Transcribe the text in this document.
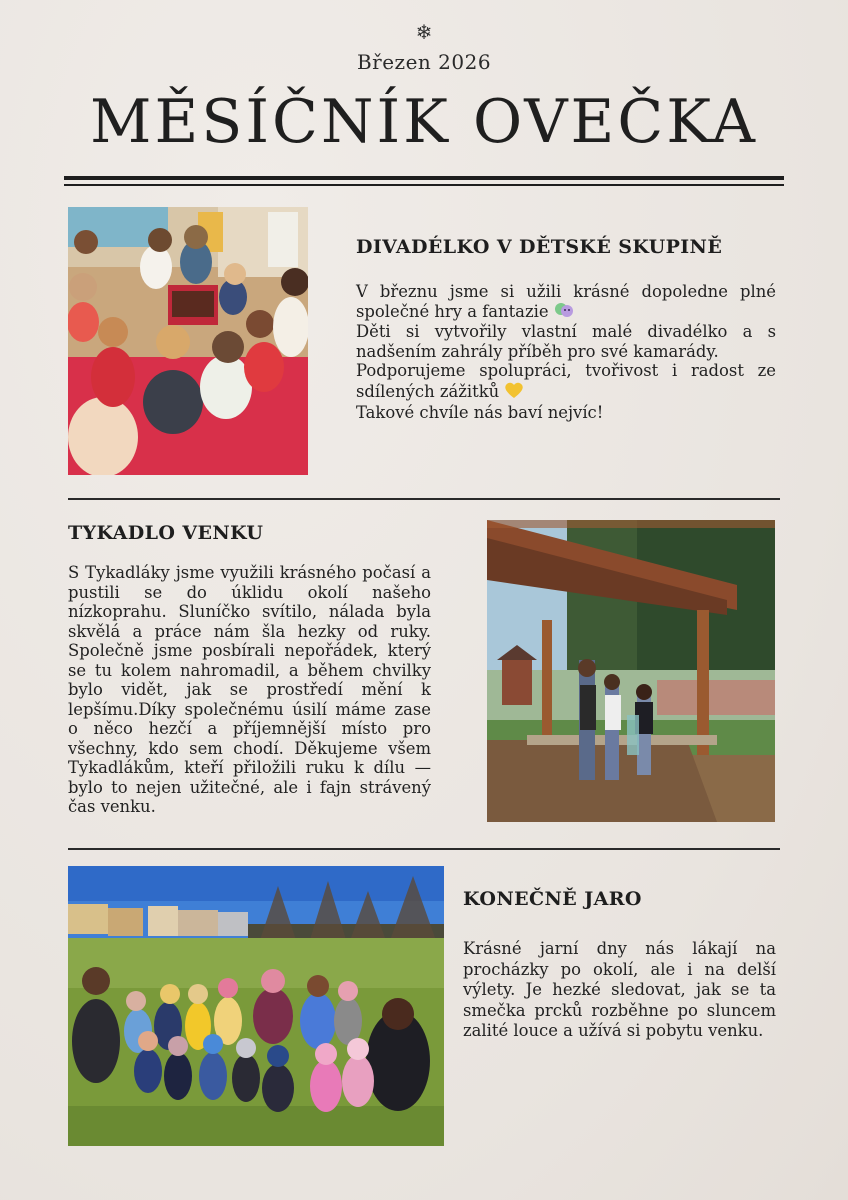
❄
Březen 2026
MĚSÍČNÍK OVEČKA
DIVADÉLKO V DĚTSKÉ SKUPINĚ

V březnu jsme si užili krásné dopoledne plné společné hry a fantazie

Děti si vytvořily vlastní malé divadélko a s nadšením zahrály příběh pro své kamarády.

Podporujeme spolupráci, tvořivost i radost ze sdílených zážitků

Takové chvíle nás baví nejvíc!

TYKADLO VENKU
S Tykadláky jsme využili krásného počasí a pustili se do úklidu okolí našeho nízkoprahu. Sluníčko svítilo, nálada byla skvělá a práce nám šla hezky od ruky. Společně jsme posbírali nepořádek, který se tu kolem nahromadil, a během chvilky bylo vidět, jak se prostředí mění k lepšímu.Díky společnému úsilí máme zase o něco hezčí a příjemnější místo pro všechny, kdo sem chodí. Děkujeme všem Tykadlákům, kteří přiložili ruku k dílu — bylo to nejen užitečné, ale i fajn strávený čas venku.
KONEČNĚ JARO
Krásné jarní dny nás lákají na procházky po okolí, ale i na delší výlety. Je hezké sledovat, jak se ta smečka prcků rozběhne po sluncem zalité louce a užívá si pobytu venku.
